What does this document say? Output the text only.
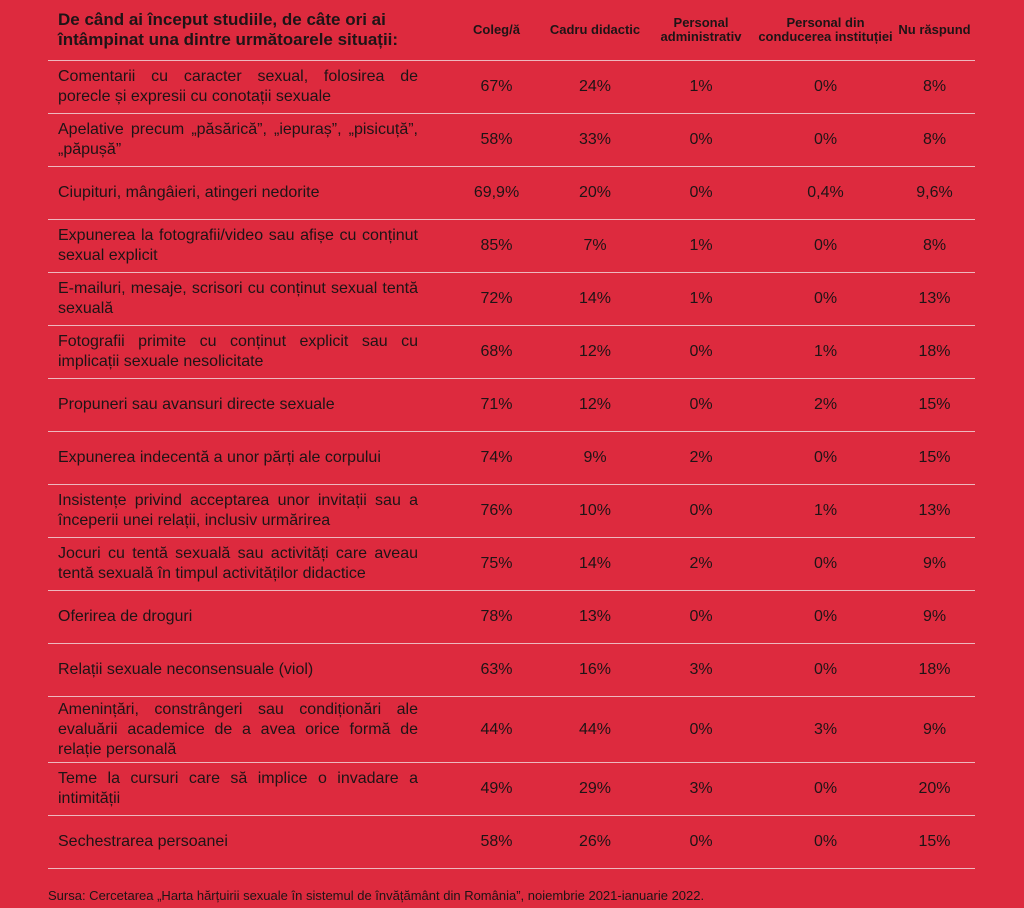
De când ai început studiile, de câte ori ai întâmpinat una dintre următoarele situații:	Coleg/ă	Cadru didactic	Personal administrativ	Personal din conducerea instituției	Nu răspund
Comentarii cu caracter sexual, folosirea de porecle și expresii cu conotații sexuale	67%	24%	1%	0%	8%
Apelative precum „păsărică”, „iepuraș”, „pisicuță”, „păpușă”	58%	33%	0%	0%	8%
Ciupituri, mângâieri, atingeri nedorite	69,9%	20%	0%	0,4%	9,6%
Expunerea la fotografii/video sau afișe cu conținut sexual explicit	85%	7%	1%	0%	8%
E-mailuri, mesaje, scrisori cu conținut sexual tentă sexuală	72%	14%	1%	0%	13%
Fotografii primite cu conținut explicit sau cu implicații sexuale nesolicitate	68%	12%	0%	1%	18%
Propuneri sau avansuri directe sexuale	71%	12%	0%	2%	15%
Expunerea indecentă a unor părți ale corpului	74%	9%	2%	0%	15%
Insistențe privind acceptarea unor invitații sau a începerii unei relații, inclusiv urmărirea	76%	10%	0%	1%	13%
Jocuri cu tentă sexuală sau activități care aveau tentă sexuală în timpul activităților didactice	75%	14%	2%	0%	9%
Oferirea de droguri	78%	13%	0%	0%	9%
Relații sexuale neconsensuale (viol)	63%	16%	3%	0%	18%
Amenințări, constrângeri sau condiționări ale evaluării academice de a avea orice formă de relație personală	44%	44%	0%	3%	9%
Teme la cursuri care să implice o invadare a intimității	49%	29%	3%	0%	20%
Sechestrarea persoanei	58%	26%	0%	0%	15%
Sursa: Cercetarea „Harta hărțuirii sexuale în sistemul de învățământ din România”, noiembrie 2021-ianuarie 2022.
